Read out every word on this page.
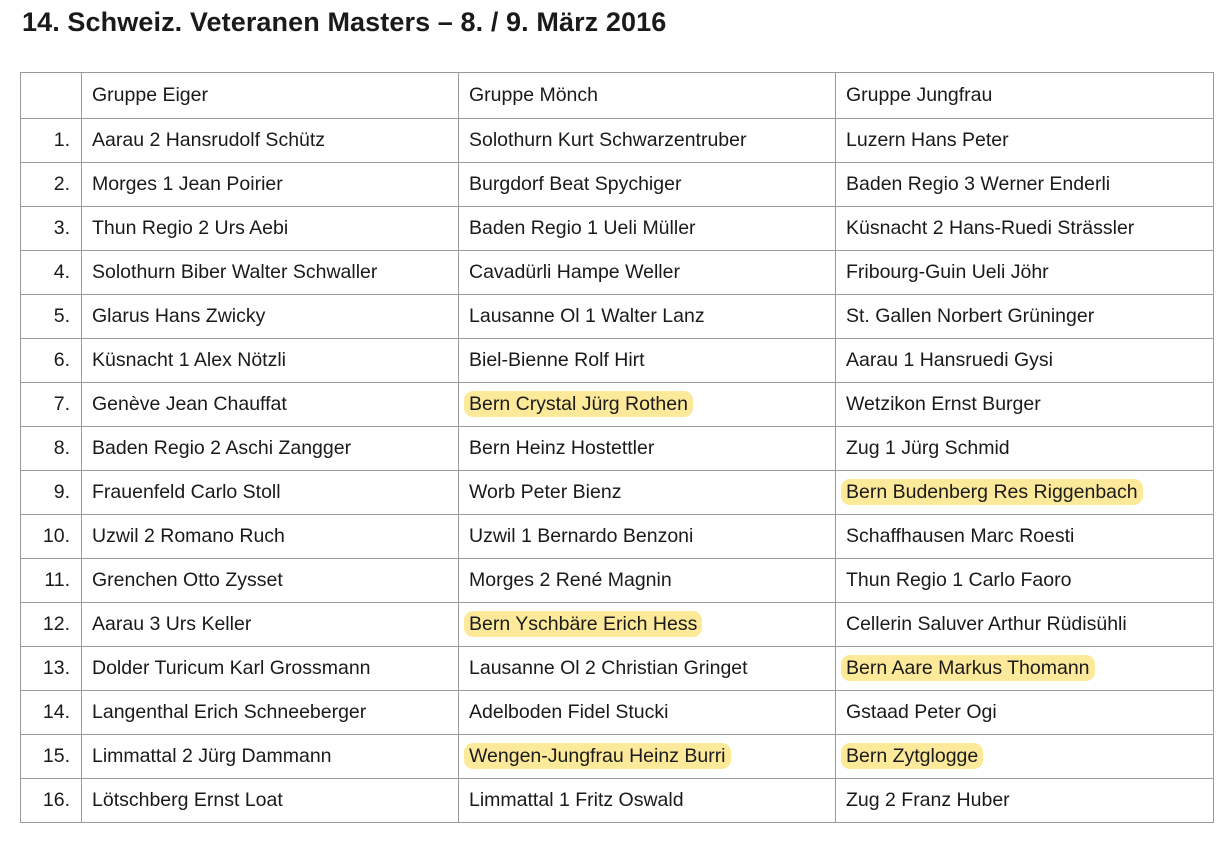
14. Schweiz. Veteranen Masters – 8. / 9. März 2016
	Gruppe Eiger	Gruppe Mönch	Gruppe Jungfrau
1.	Aarau 2 Hansrudolf Schütz	Solothurn Kurt Schwarzentruber	Luzern Hans Peter
2.	Morges 1 Jean Poirier	Burgdorf Beat Spychiger	Baden Regio 3 Werner Enderli
3.	Thun Regio 2 Urs Aebi	Baden Regio 1 Ueli Müller	Küsnacht 2 Hans-Ruedi Strässler
4.	Solothurn Biber Walter Schwaller	Cavadürli Hampe Weller	Fribourg-Guin Ueli Jöhr
5.	Glarus Hans Zwicky	Lausanne Ol 1 Walter Lanz	St. Gallen Norbert Grüninger
6.	Küsnacht 1 Alex Nötzli	Biel-Bienne Rolf Hirt	Aarau 1 Hansruedi Gysi
7.	Genève Jean Chauffat	Bern Crystal Jürg Rothen	Wetzikon Ernst Burger
8.	Baden Regio 2 Aschi Zangger	Bern Heinz Hostettler	Zug 1 Jürg Schmid
9.	Frauenfeld Carlo Stoll	Worb Peter Bienz	Bern Budenberg Res Riggenbach
10.	Uzwil 2 Romano Ruch	Uzwil 1 Bernardo Benzoni	Schaffhausen Marc Roesti
11.	Grenchen Otto Zysset	Morges 2 René Magnin	Thun Regio 1 Carlo Faoro
12.	Aarau 3 Urs Keller	Bern Yschbäre Erich Hess	Cellerin Saluver Arthur Rüdisühli
13.	Dolder Turicum Karl Grossmann	Lausanne Ol 2 Christian Gringet	Bern Aare Markus Thomann
14.	Langenthal Erich Schneeberger	Adelboden Fidel Stucki	Gstaad Peter Ogi
15.	Limmattal 2 Jürg Dammann	Wengen-Jungfrau Heinz Burri	Bern Zytglogge
16.	Lötschberg Ernst Loat	Limmattal 1 Fritz Oswald	Zug 2 Franz Huber
